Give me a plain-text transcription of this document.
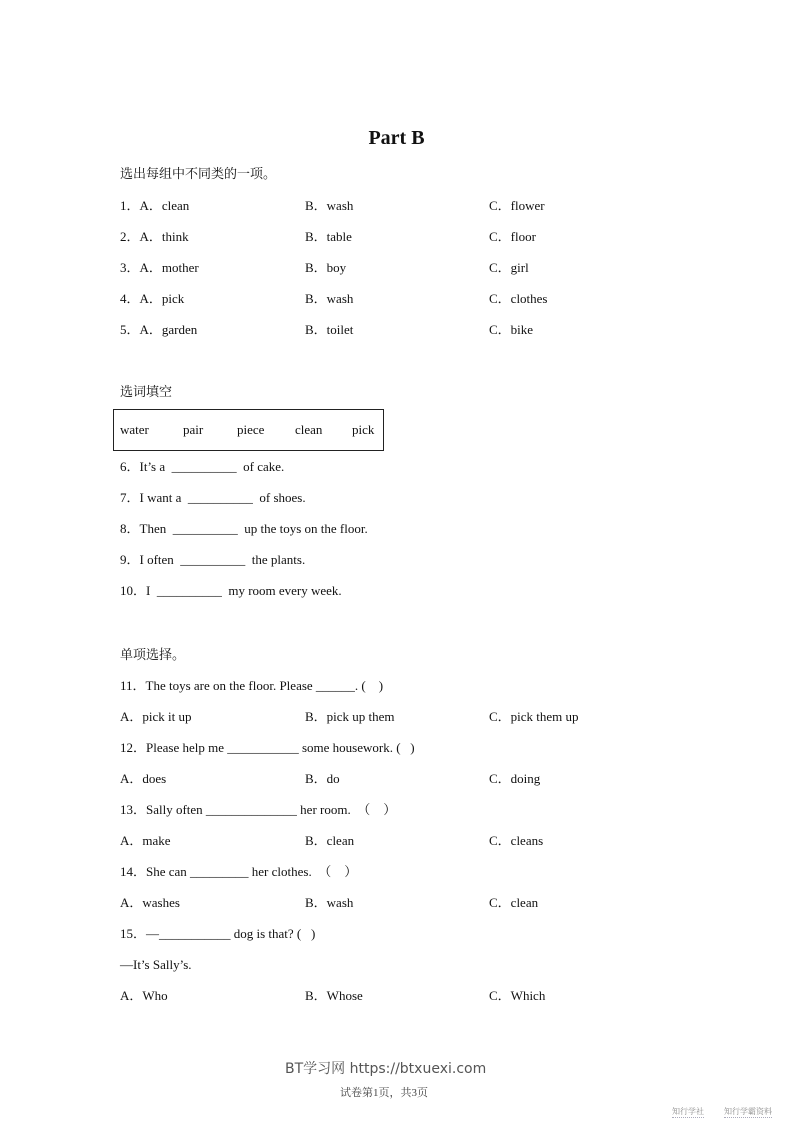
Part B
选出每组中不同类的一项。
1．A．clean	B．wash	C．flower
2．A．think	B．table	C．floor
3．A．mother	B．boy	C．girl
4．A．pick	B．wash	C．clothes
5．A．garden	B．toilet	C．bike
选词填空
water	pair	piece clean pick
6．It’s a  __________  of cake.
7．I want a  __________  of shoes.
8．Then  __________  up the toys on the floor.
9．I often  __________  the plants.
10．I  __________  my room every week.
单项选择。
11．The toys are on the floor. Please ______. (    )
A．pick it up	B．pick up them	C．pick them up
12．Please help me ___________ some housework. (   )
A．does	B．do	C．doing
13．Sally often ______________ her room.  （    ）
A．make	B．clean	C．cleans
14．She can _________ her clothes.  （    ）
A．washes	B．wash	C．clean
15．—___________ dog is that? (   )
—It’s Sally’s.
A．Who	B．Whose	C．Which
BT学习网 https://btxuexi.com
试卷第1页，共3页
知行学社	知行学霸资料
